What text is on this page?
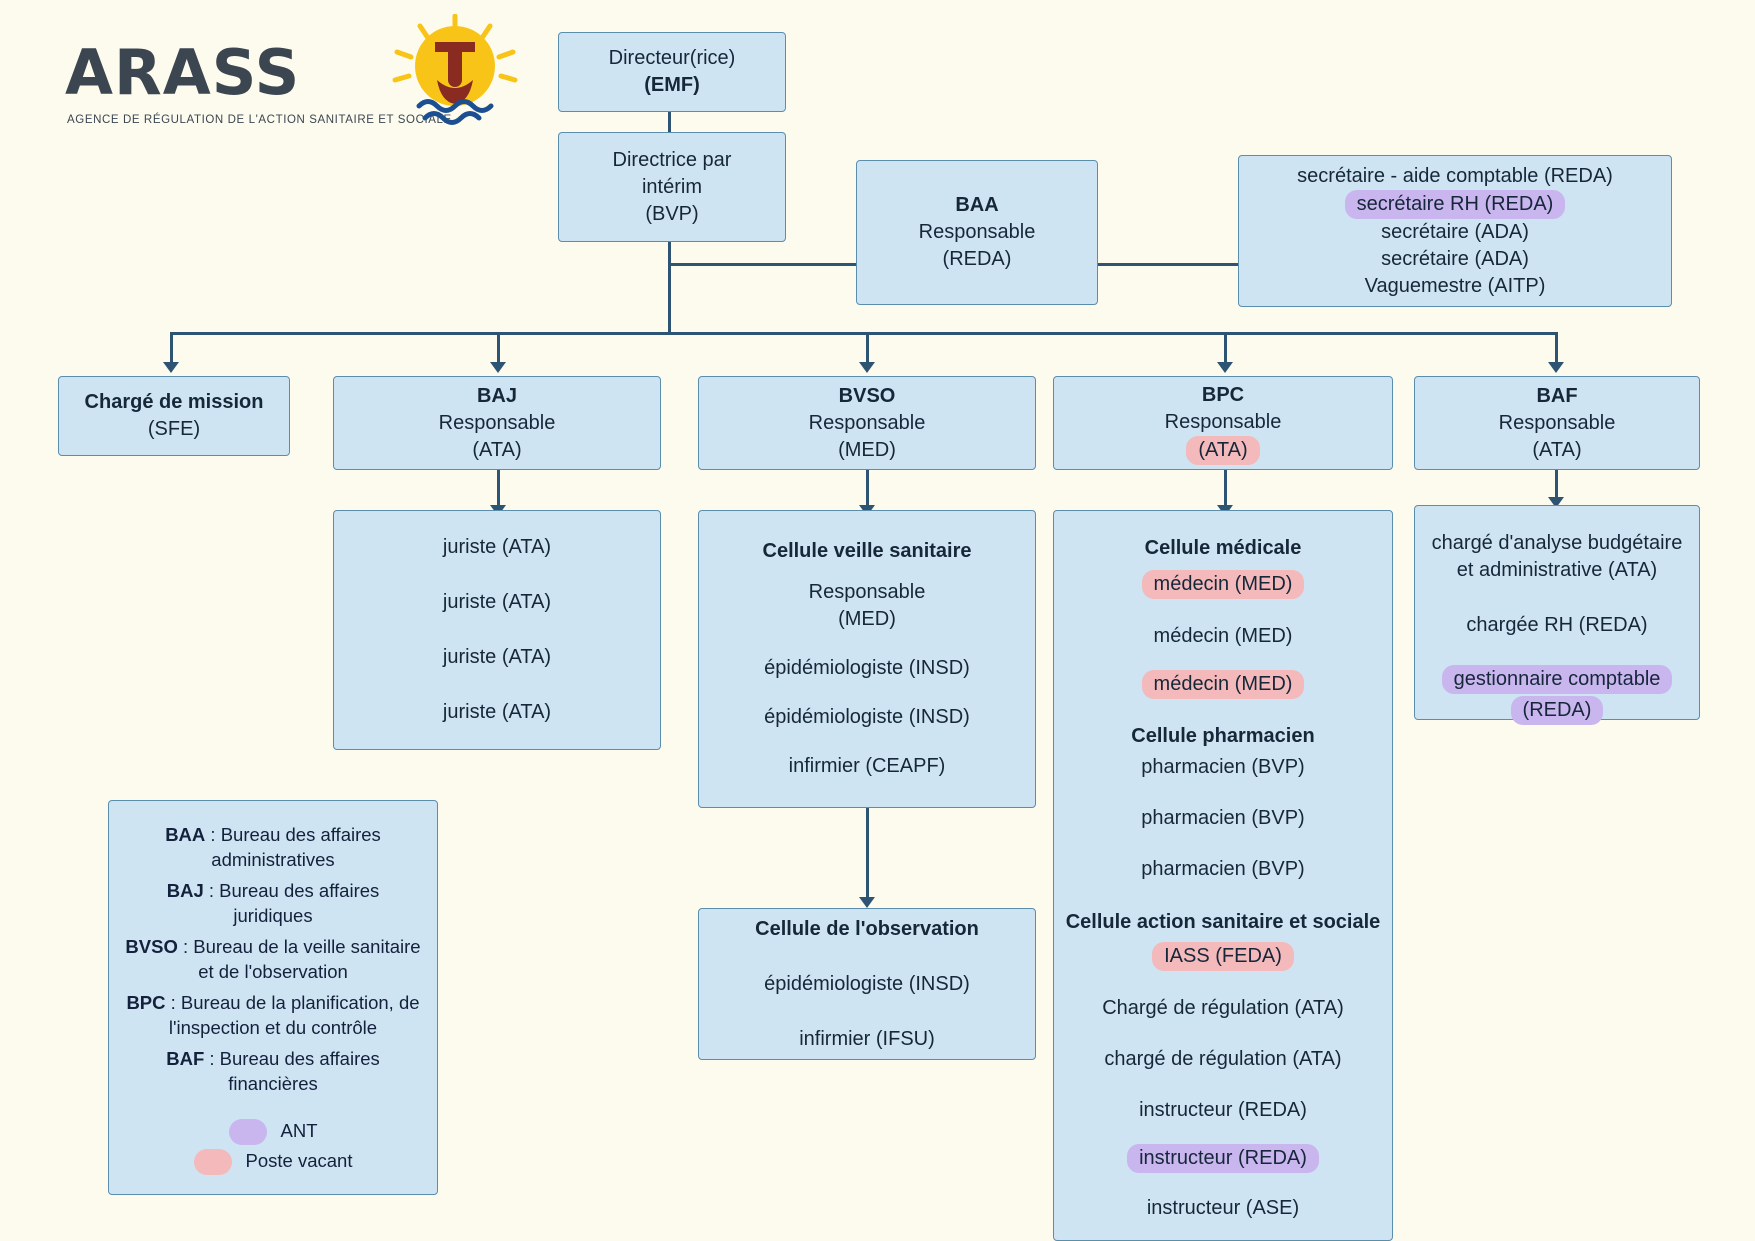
ARASS
AGENCE DE RÉGULATION DE L'ACTION SANITAIRE ET SOCIALE
Directeur(rice)
(EMF)
Directrice par
intérim
(BVP)	BAA
Responsable
(REDA)
secrétaire - aide comptable (REDA)
secrétaire RH (REDA)
secrétaire (ADA)
secrétaire (ADA)
Vaguemestre (AITP)
Chargé de mission
(SFE)
BAJ
Responsable
(ATA)
BVSO
Responsable
(MED)
BPC
Responsable
(ATA)
BAF
Responsable
(ATA)
juriste (ATA)
juriste (ATA)
juriste (ATA)
juriste (ATA)
Cellule veille sanitaire
Responsable
(MED)
épidémiologiste (INSD)
épidémiologiste (INSD)
infirmier (CEAPF)
Cellule de l'observation
épidémiologiste (INSD)
infirmier (IFSU)
Cellule médicale
médecin (MED)
médecin (MED)
médecin (MED)
Cellule pharmacien
pharmacien (BVP)
pharmacien (BVP)
pharmacien (BVP)
Cellule action sanitaire et sociale
IASS (FEDA)
Chargé de régulation (ATA)
chargé de régulation (ATA)
instructeur (REDA)
instructeur (REDA)
instructeur (ASE)
chargé d'analyse budgétaire
et administrative (ATA)
chargée RH (REDA)
gestionnaire comptable
(REDA)
BAA : Bureau des affaires administratives
BAJ : Bureau des affaires juridiques
BVSO : Bureau de la veille sanitaire et de l'observation
BPC : Bureau de la planification, de l'inspection et du contrôle
BAF : Bureau des affaires financières
ANT
Poste vacant
